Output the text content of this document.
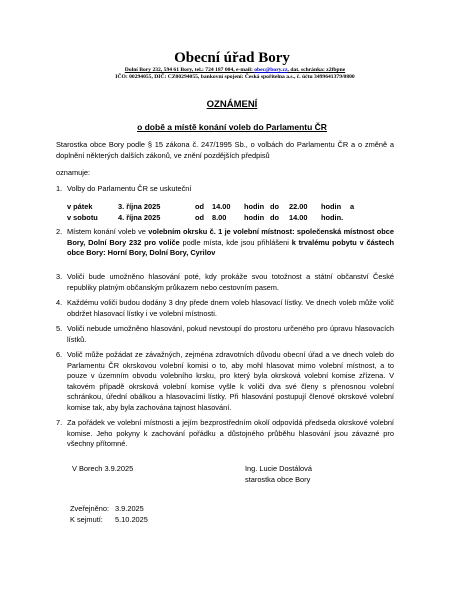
Obecní úřad Bory
Dolní Bory 232, 594 61 Bory, tel.: 724 187 004, e-mail: obec@bory.cz, dat. schránka: z2fbpne
IČO: 00294055, DIČ: CZ00294055, bankovní spojení: Česká spořitelna a.s., č. účtu 3499641379/0800
OZNÁMENÍ
o době a místě konání voleb do Parlamentu ČR

Starostka obce Bory podle § 15 zákona č. 247/1995 Sb., o volbách do Parlamentu ČR a o změně a doplnění některých dalších zákonů, ve znění pozdějších předpisů

oznamuje:

1. Volby do Parlamentu ČR se uskuteční

v pátek	3. října 2025	od 14.00 hodin do 22.00 hodin a
v sobotu	4. října 2025	od 8.00 hodin do 14.00 hodin.
2. Místem konání voleb ve volebním okrsku č. 1 je volební místnost: společenská místnost obce Bory, Dolní Bory 232 pro voliče podle místa, kde jsou přihlášeni k trvalému pobytu v částech obce Bory: Horní Bory, Dolní Bory, Cyrilov

3. Voliči bude umožněno hlasování poté, kdy prokáže svou totožnost a státní občanství České republiky platným občanským průkazem nebo cestovním pasem.

4. Každému voliči budou dodány 3 dny přede dnem voleb hlasovací lístky. Ve dnech voleb může volič obdržet hlasovací lístky i ve volební místnosti.

5. Voliči nebude umožněno hlasování, pokud nevstoupí do prostoru určeného pro úpravu hlasovacích lístků.

6. Volič může požádat ze závažných, zejména zdravotních důvodu obecní úřad a ve dnech voleb do Parlamentu ČR okrskovou volební komisi o to, aby mohl hlasovat mimo volební místnost, a to pouze v územním obvodu volebního krsku, pro který byla okrsková volební komise zřízena. V takovém případě okrsková volební komise vyšle k voliči dva své členy s přenosnou volební schránkou, úřední obálkou a hlasovacími lístky. Při hlasování postupují členové okrskové volební komise tak, aby byla zachována tajnost hlasování.

7. Za pořádek ve volební místnosti a jejím bezprostředním okolí odpovídá předseda okrskové volební komise. Jeho pokyny k zachování pořádku a důstojného průběhu hlasování jsou závazné pro všechny přítomné.

V Borech 3.9.2025	Ing. Lucie Dostálová
starostka obce Bory
Zveřejněno: 3.9.2025
K sejmutí: 5.10.2025
